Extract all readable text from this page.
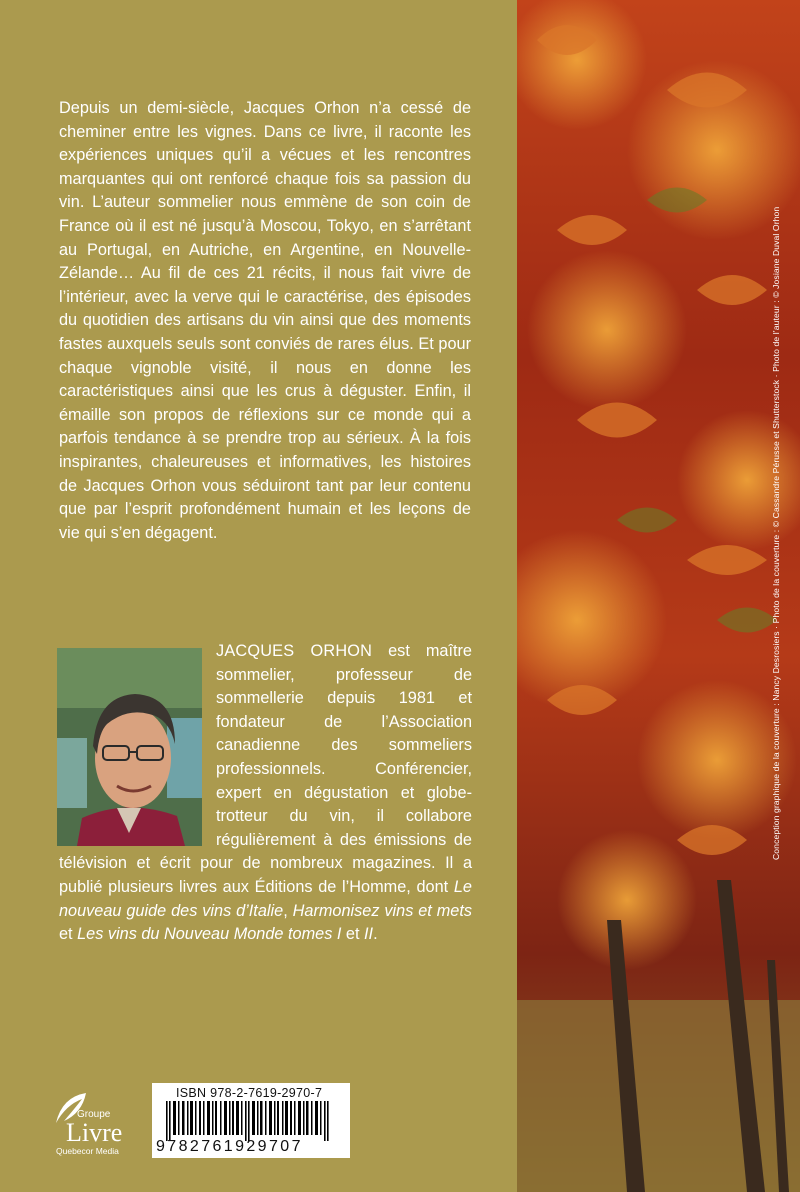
Depuis un demi-siècle, Jacques Orhon n’a cessé de cheminer entre les vignes. Dans ce livre, il raconte les expériences uniques qu’il a vécues et les rencontres marquantes qui ont renforcé chaque fois sa passion du vin. L’auteur sommelier nous emmène de son coin de France où il est né jusqu’à Moscou, Tokyo, en s’arrêtant au Portugal, en Autriche, en Argentine, en Nouvelle-Zélande… Au fil de ces 21 récits, il nous fait vivre de l’intérieur, avec la verve qui le caractérise, des épisodes du quotidien des artisans du vin ainsi que des moments fastes auxquels seuls sont conviés de rares élus. Et pour chaque vignoble visité, il nous en donne les caractéristiques ainsi que les crus à déguster. Enfin, il émaille son propos de réflexions sur ce monde qui a parfois tendance à se prendre trop au sérieux. À la fois inspirantes, chaleureuses et informatives, les histoires de Jacques Orhon vous séduiront tant par leur contenu que par l’esprit profondément humain et les leçons de vie qui s’en dégagent.

JACQUES ORHON est maître sommelier, professeur de sommellerie depuis 1981 et fondateur de l’Association canadienne des sommeliers professionnels. Conférencier, expert en dégustation et globe-trotteur du vin, il collabore régulièrement à des émissions de télévision et écrit pour de nombreux magazines. Il a publié plusieurs livres aux Éditions de l’Homme, dont Le nouveau guide des vins d’Italie, Harmonisez vins et mets et Les vins du Nouveau Monde tomes I et II.
Groupe
Livre
Quebecor Media
ISBN 978-2-7619-2970-7
9782761929707
Conception graphique de la couverture : Nancy Desrosiers · Photo de la couverture : © Cassandre Pérusse et Shutterstock · Photo de l’auteur : © Josiane Duval Orhon
